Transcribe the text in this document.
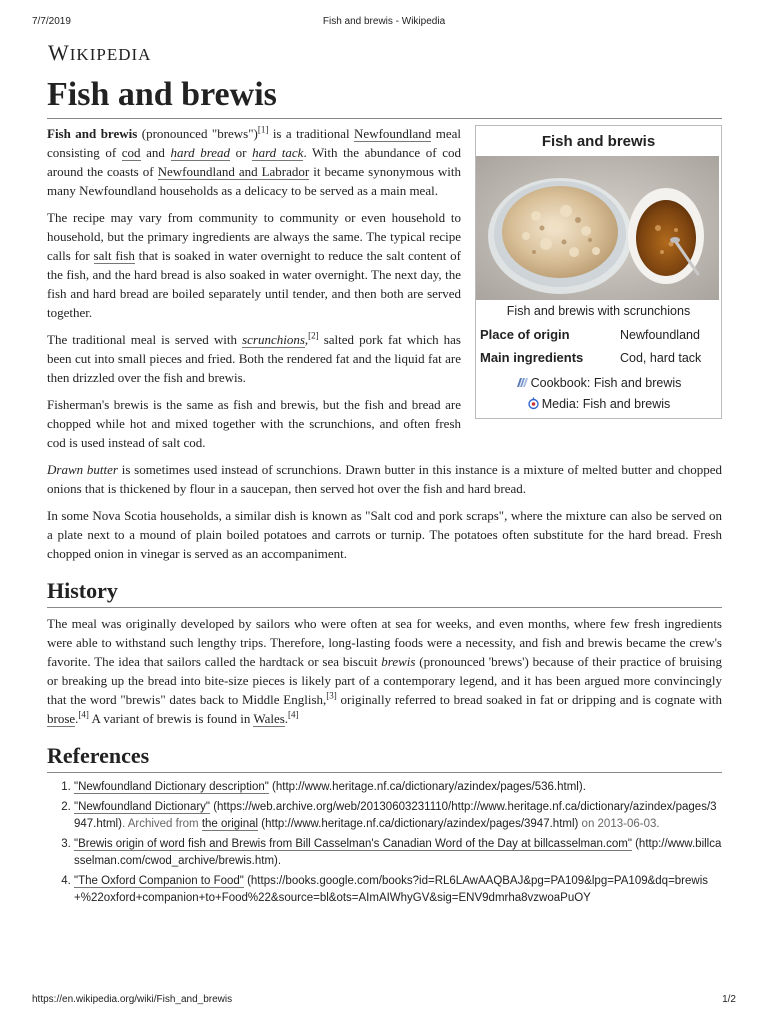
7/7/2019	Fish and brewis - Wikipedia
WIKIPEDIA
Fish and brewis
Fish and brewis
Fish and brewis with scrunchions
Place of origin	Newfoundland
Main ingredients	Cod, hard tack
Cookbook: Fish and brewis
Media: Fish and brewis

Fish and brewis (pronounced "brews")[1] is a traditional Newfoundland meal consisting of cod and hard bread or hard tack. With the abundance of cod around the coasts of Newfoundland and Labrador it became synonymous with many Newfoundland households as a delicacy to be served as a main meal.

The recipe may vary from community to community or even household to household, but the primary ingredients are always the same. The typical recipe calls for salt fish that is soaked in water overnight to reduce the salt content of the fish, and the hard bread is also soaked in water overnight. The next day, the fish and hard bread are boiled separately until tender, and then both are served together.

The traditional meal is served with scrunchions,[2] salted pork fat which has been cut into small pieces and fried. Both the rendered fat and the liquid fat are then drizzled over the fish and brewis.

Fisherman's brewis is the same as fish and brewis, but the fish and bread are chopped while hot and mixed together with the scrunchions, and often fresh cod is used instead of salt cod.

Drawn butter is sometimes used instead of scrunchions. Drawn butter in this instance is a mixture of melted butter and chopped onions that is thickened by flour in a saucepan, then served hot over the fish and hard bread.

In some Nova Scotia households, a similar dish is known as "Salt cod and pork scraps", where the mixture can also be served on a plate next to a mound of plain boiled potatoes and carrots or turnip. The potatoes often substitute for the hard bread. Fresh chopped onion in vinegar is served as an accompaniment.

History

The meal was originally developed by sailors who were often at sea for weeks, and even months, where few fresh ingredients were able to withstand such lengthy trips. Therefore, long-lasting foods were a necessity, and fish and brewis became the crew's favorite. The idea that sailors called the hardtack or sea biscuit brewis (pronounced 'brews') because of their practice of bruising or breaking up the bread into bite-size pieces is likely part of a contemporary legend, and it has been argued more convincingly that the word "brewis" dates back to Middle English,[3] originally referred to bread soaked in fat or dripping and is cognate with brose.[4] A variant of brewis is found in Wales.[4]

References
1. "Newfoundland Dictionary description" (http://www.heritage.nf.ca/dictionary/azindex/pages/536.html).
2. "Newfoundland Dictionary" (https://web.archive.org/web/20130603231110/http://www.heritage.nf.ca/dictionary/azindex/pages/3947.html). Archived from the original (http://www.heritage.nf.ca/dictionary/azindex/pages/3947.html) on 2013-06-03.
3. "Brewis origin of word fish and Brewis from Bill Casselman's Canadian Word of the Day at billcasselman.com" (http://www.billcasselman.com/cwod_archive/brewis.htm).
4. "The Oxford Companion to Food" (https://books.google.com/books?id=RL6LAwAAQBAJ&pg=PA109&lpg=PA109&dq=brewis+%22oxford+companion+to+Food%22&source=bl&ots=AImAIWhyGV&sig=ENV9dmrha8vzwoaPuOY
https://en.wikipedia.org/wiki/Fish_and_brewis	1/2
